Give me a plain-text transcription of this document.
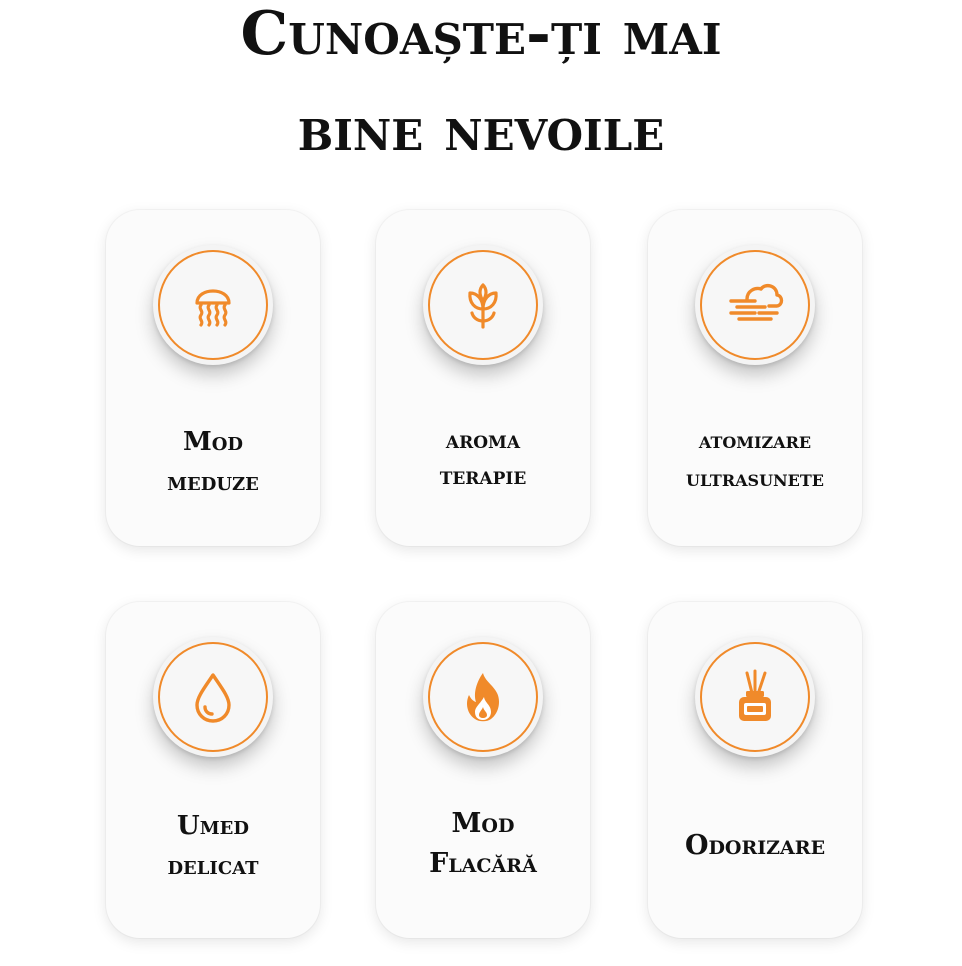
Cunoaște-ți mai
bine nevoile
Mod
meduze
aroma
terapie
atomizare
ultrasunete
Umed
delicat
Mod
Flacără
Odorizare
